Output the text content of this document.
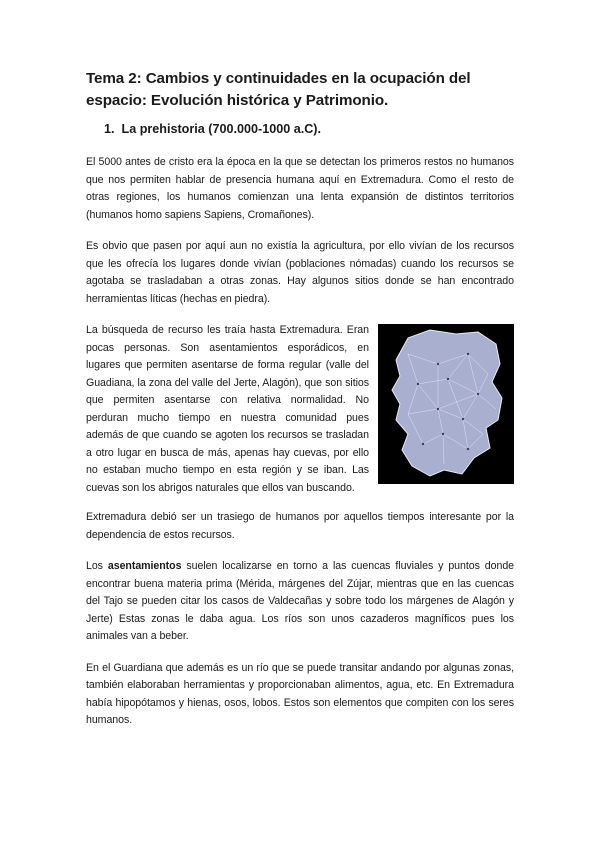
Tema 2: Cambios y continuidades en la ocupación del espacio: Evolución histórica y Patrimonio.
1. La prehistoria (700.000-1000 a.C).

El 5000 antes de cristo era la época en la que se detectan los primeros restos no humanos que nos permiten hablar de presencia humana aquí en Extremadura. Como el resto de otras regiones, los humanos comienzan una lenta expansión de distintos territorios (humanos homo sapiens Sapiens, Cromañones).

Es obvio que pasen por aquí aun no existía la agricultura, por ello vivían de los recursos que les ofrecía los lugares donde vivían (poblaciones nómadas) cuando los recursos se agotaba se trasladaban a otras zonas. Hay algunos sitios donde se han encontrado herramientas líticas (hechas en piedra).

La búsqueda de recurso les traía hasta Extremadura. Eran pocas personas. Son asentamientos esporádicos, en lugares que permiten asentarse de forma regular (valle del Guadiana, la zona del valle del Jerte, Alagón), que son sitios que permiten asentarse con relativa normalidad. No perduran mucho tiempo en nuestra comunidad pues además de que cuando se agoten los recursos se trasladan a otro lugar en busca de más, apenas hay cuevas, por ello no estaban mucho tiempo en esta región y se iban. Las cuevas son los abrigos naturales que ellos van buscando.

Extremadura debió ser un trasiego de humanos por aquellos tiempos interesante por la dependencia de estos recursos.

Los asentamientos suelen localizarse en torno a las cuencas fluviales y puntos donde encontrar buena materia prima (Mérida, márgenes del Zújar, mientras que en las cuencas del Tajo se pueden citar los casos de Valdecañas y sobre todo los márgenes de Alagón y Jerte) Estas zonas le daba agua. Los ríos son unos cazaderos magníficos pues los animales van a beber.

En el Guardiana que además es un río que se puede transitar andando por algunas zonas, también elaboraban herramientas y proporcionaban alimentos, agua, etc. En Extremadura había hipopótamos y hienas, osos, lobos. Estos son elementos que compiten con los seres humanos.
